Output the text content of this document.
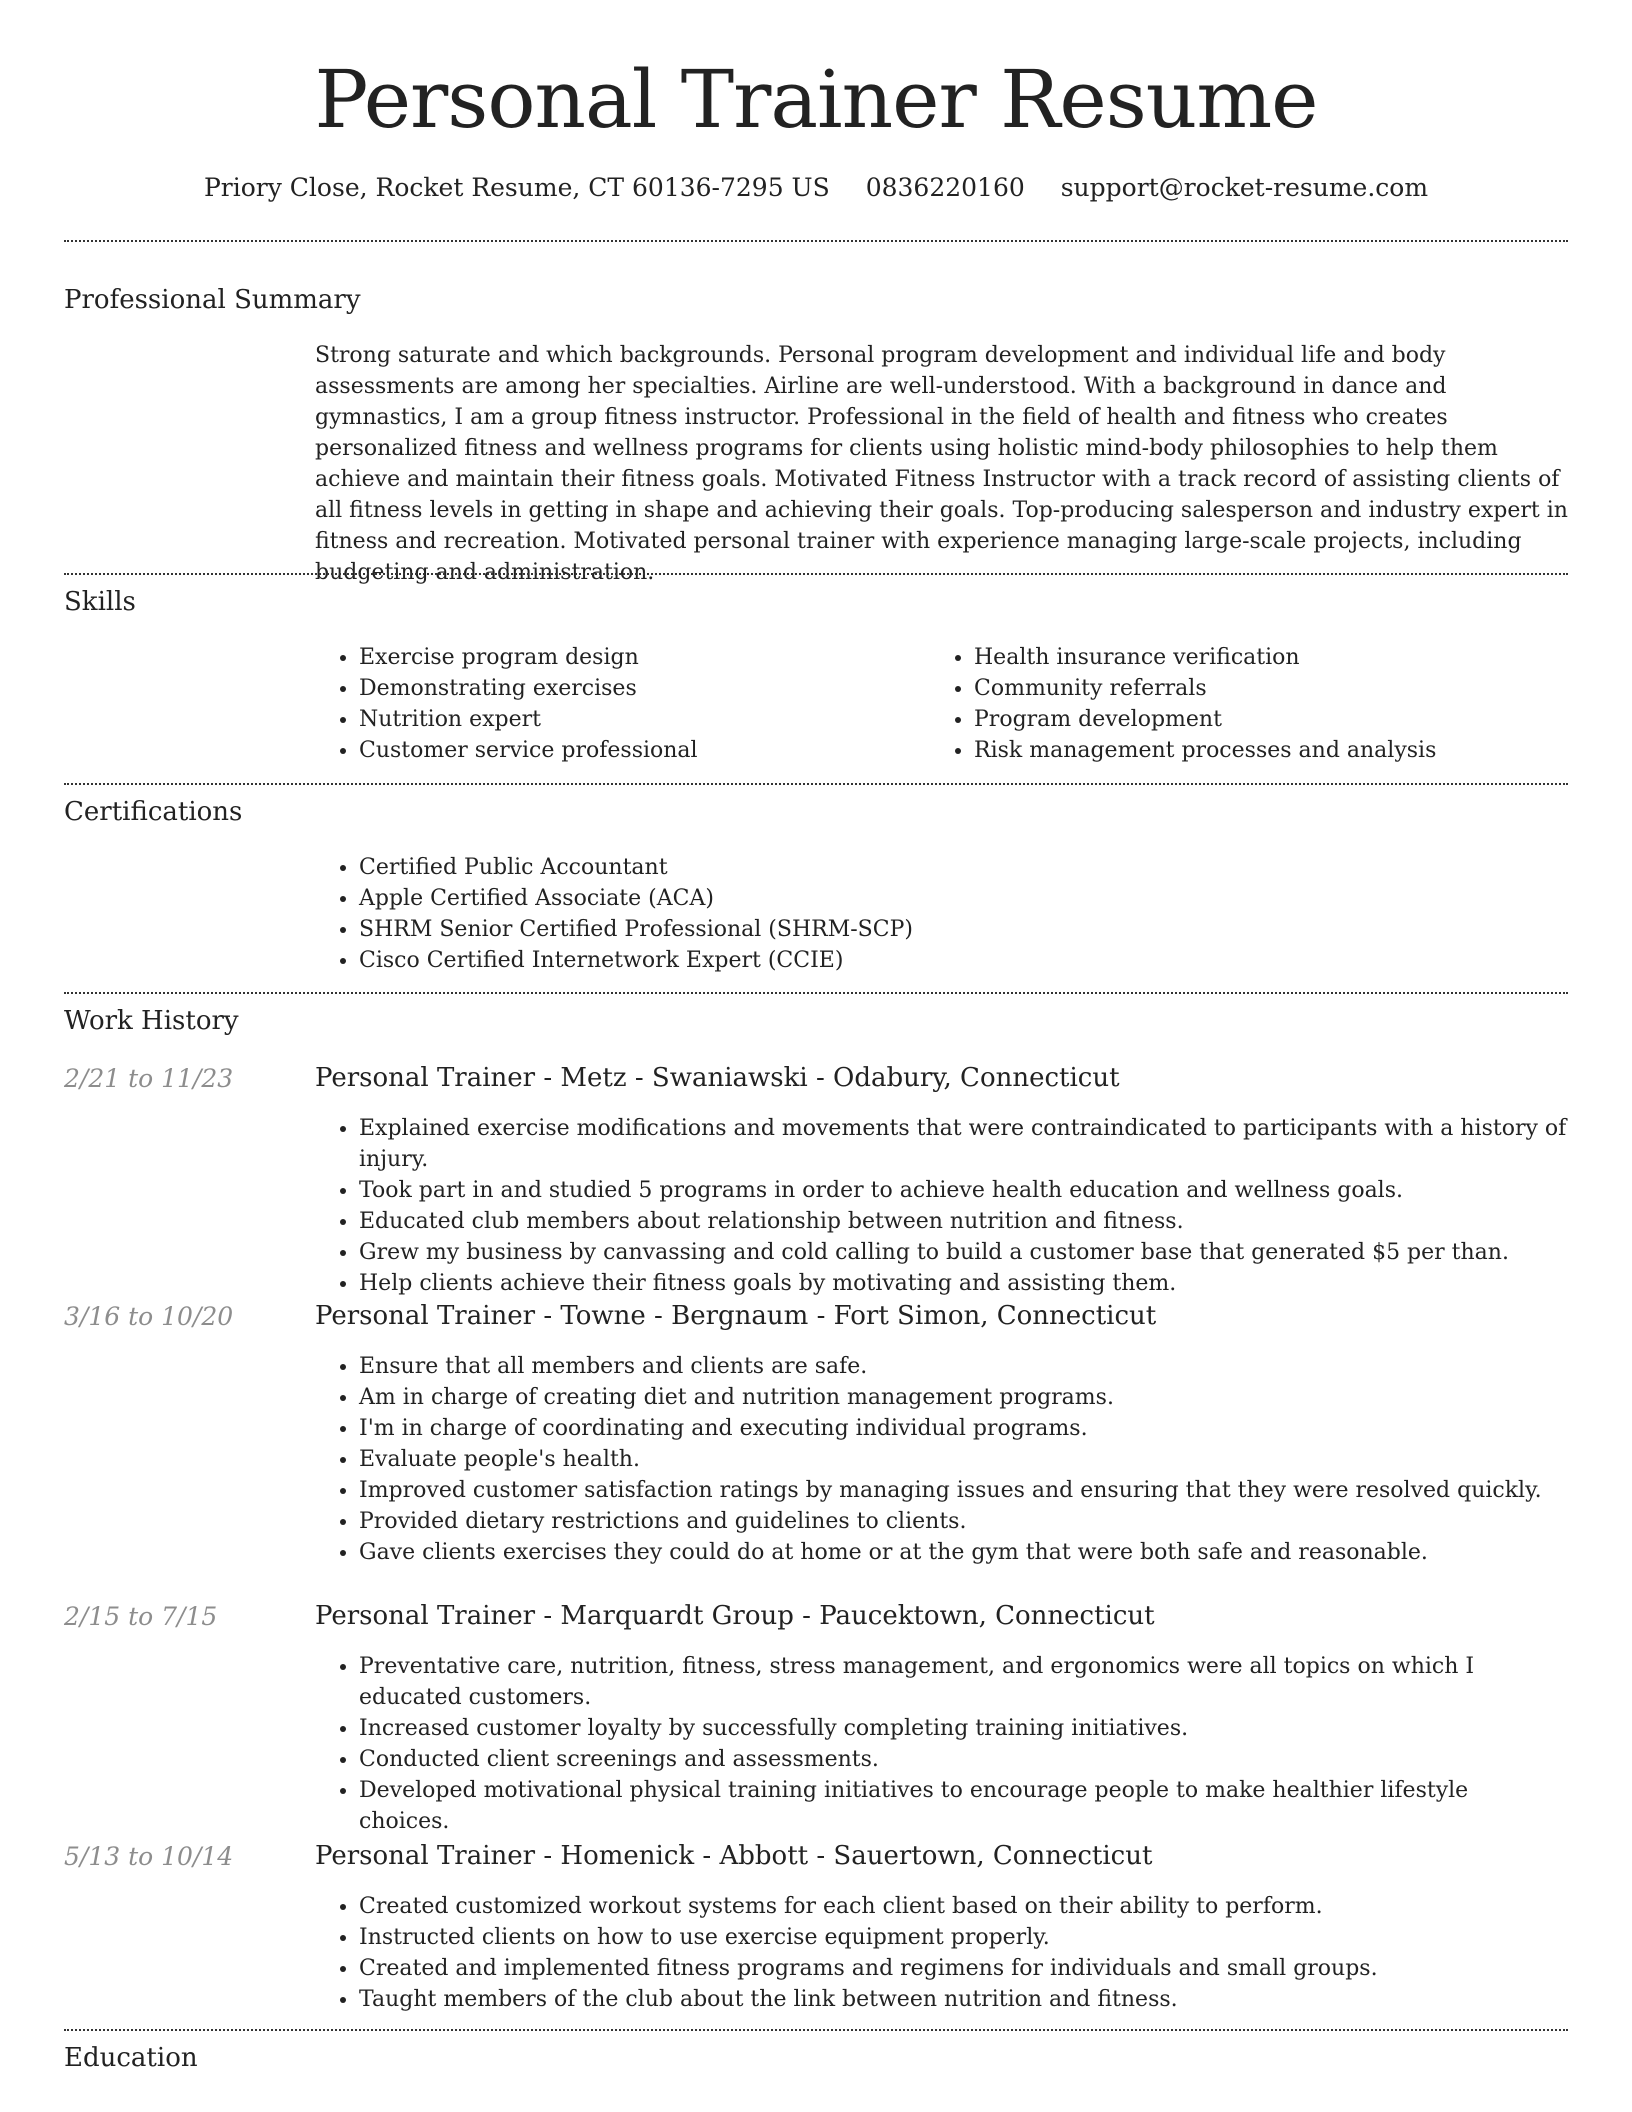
Personal Trainer Resume
Priory Close, Rocket Resume, CT 60136-7295 US 0836220160 support@rocket-resume.com
Professional Summary
Strong saturate and which backgrounds. Personal program development and individual life and body assessments are among her specialties. Airline are well-understood. With a background in dance and gymnastics, I am a group fitness instructor. Professional in the field of health and fitness who creates personalized fitness and wellness programs for clients using holistic mind-body philosophies to help them achieve and maintain their fitness goals. Motivated Fitness Instructor with a track record of assisting clients of all fitness levels in getting in shape and achieving their goals. Top-producing salesperson and industry expert in fitness and recreation. Motivated personal trainer with experience managing large-scale projects, including budgeting and administration.
Skills
• Exercise program design
• Demonstrating exercises
• Nutrition expert
• Customer service professional
• Health insurance verification
• Community referrals
• Program development
• Risk management processes and analysis
Certifications
• Certified Public Accountant
• Apple Certified Associate (ACA)
• SHRM Senior Certified Professional (SHRM-SCP)
• Cisco Certified Internetwork Expert (CCIE)
Work History
2/21 to 11/23	Personal Trainer - Metz - Swaniawski - Odabury, Connecticut
• Explained exercise modifications and movements that were contraindicated to participants with a history of injury.
• Took part in and studied 5 programs in order to achieve health education and wellness goals.
• Educated club members about relationship between nutrition and fitness.
• Grew my business by canvassing and cold calling to build a customer base that generated $5 per than.
• Help clients achieve their fitness goals by motivating and assisting them.
3/16 to 10/20	Personal Trainer - Towne - Bergnaum - Fort Simon, Connecticut
• Ensure that all members and clients are safe.
• Am in charge of creating diet and nutrition management programs.
• I'm in charge of coordinating and executing individual programs.
• Evaluate people's health.
• Improved customer satisfaction ratings by managing issues and ensuring that they were resolved quickly.
• Provided dietary restrictions and guidelines to clients.
• Gave clients exercises they could do at home or at the gym that were both safe and reasonable.
2/15 to 7/15	Personal Trainer - Marquardt Group - Paucektown, Connecticut
• Preventative care, nutrition, fitness, stress management, and ergonomics were all topics on which I educated customers.
• Increased customer loyalty by successfully completing training initiatives.
• Conducted client screenings and assessments.
• Developed motivational physical training initiatives to encourage people to make healthier lifestyle choices.
5/13 to 10/14	Personal Trainer - Homenick - Abbott - Sauertown, Connecticut
• Created customized workout systems for each client based on their ability to perform.
• Instructed clients on how to use exercise equipment properly.
• Created and implemented fitness programs and regimens for individuals and small groups.
• Taught members of the club about the link between nutrition and fitness.
Education
